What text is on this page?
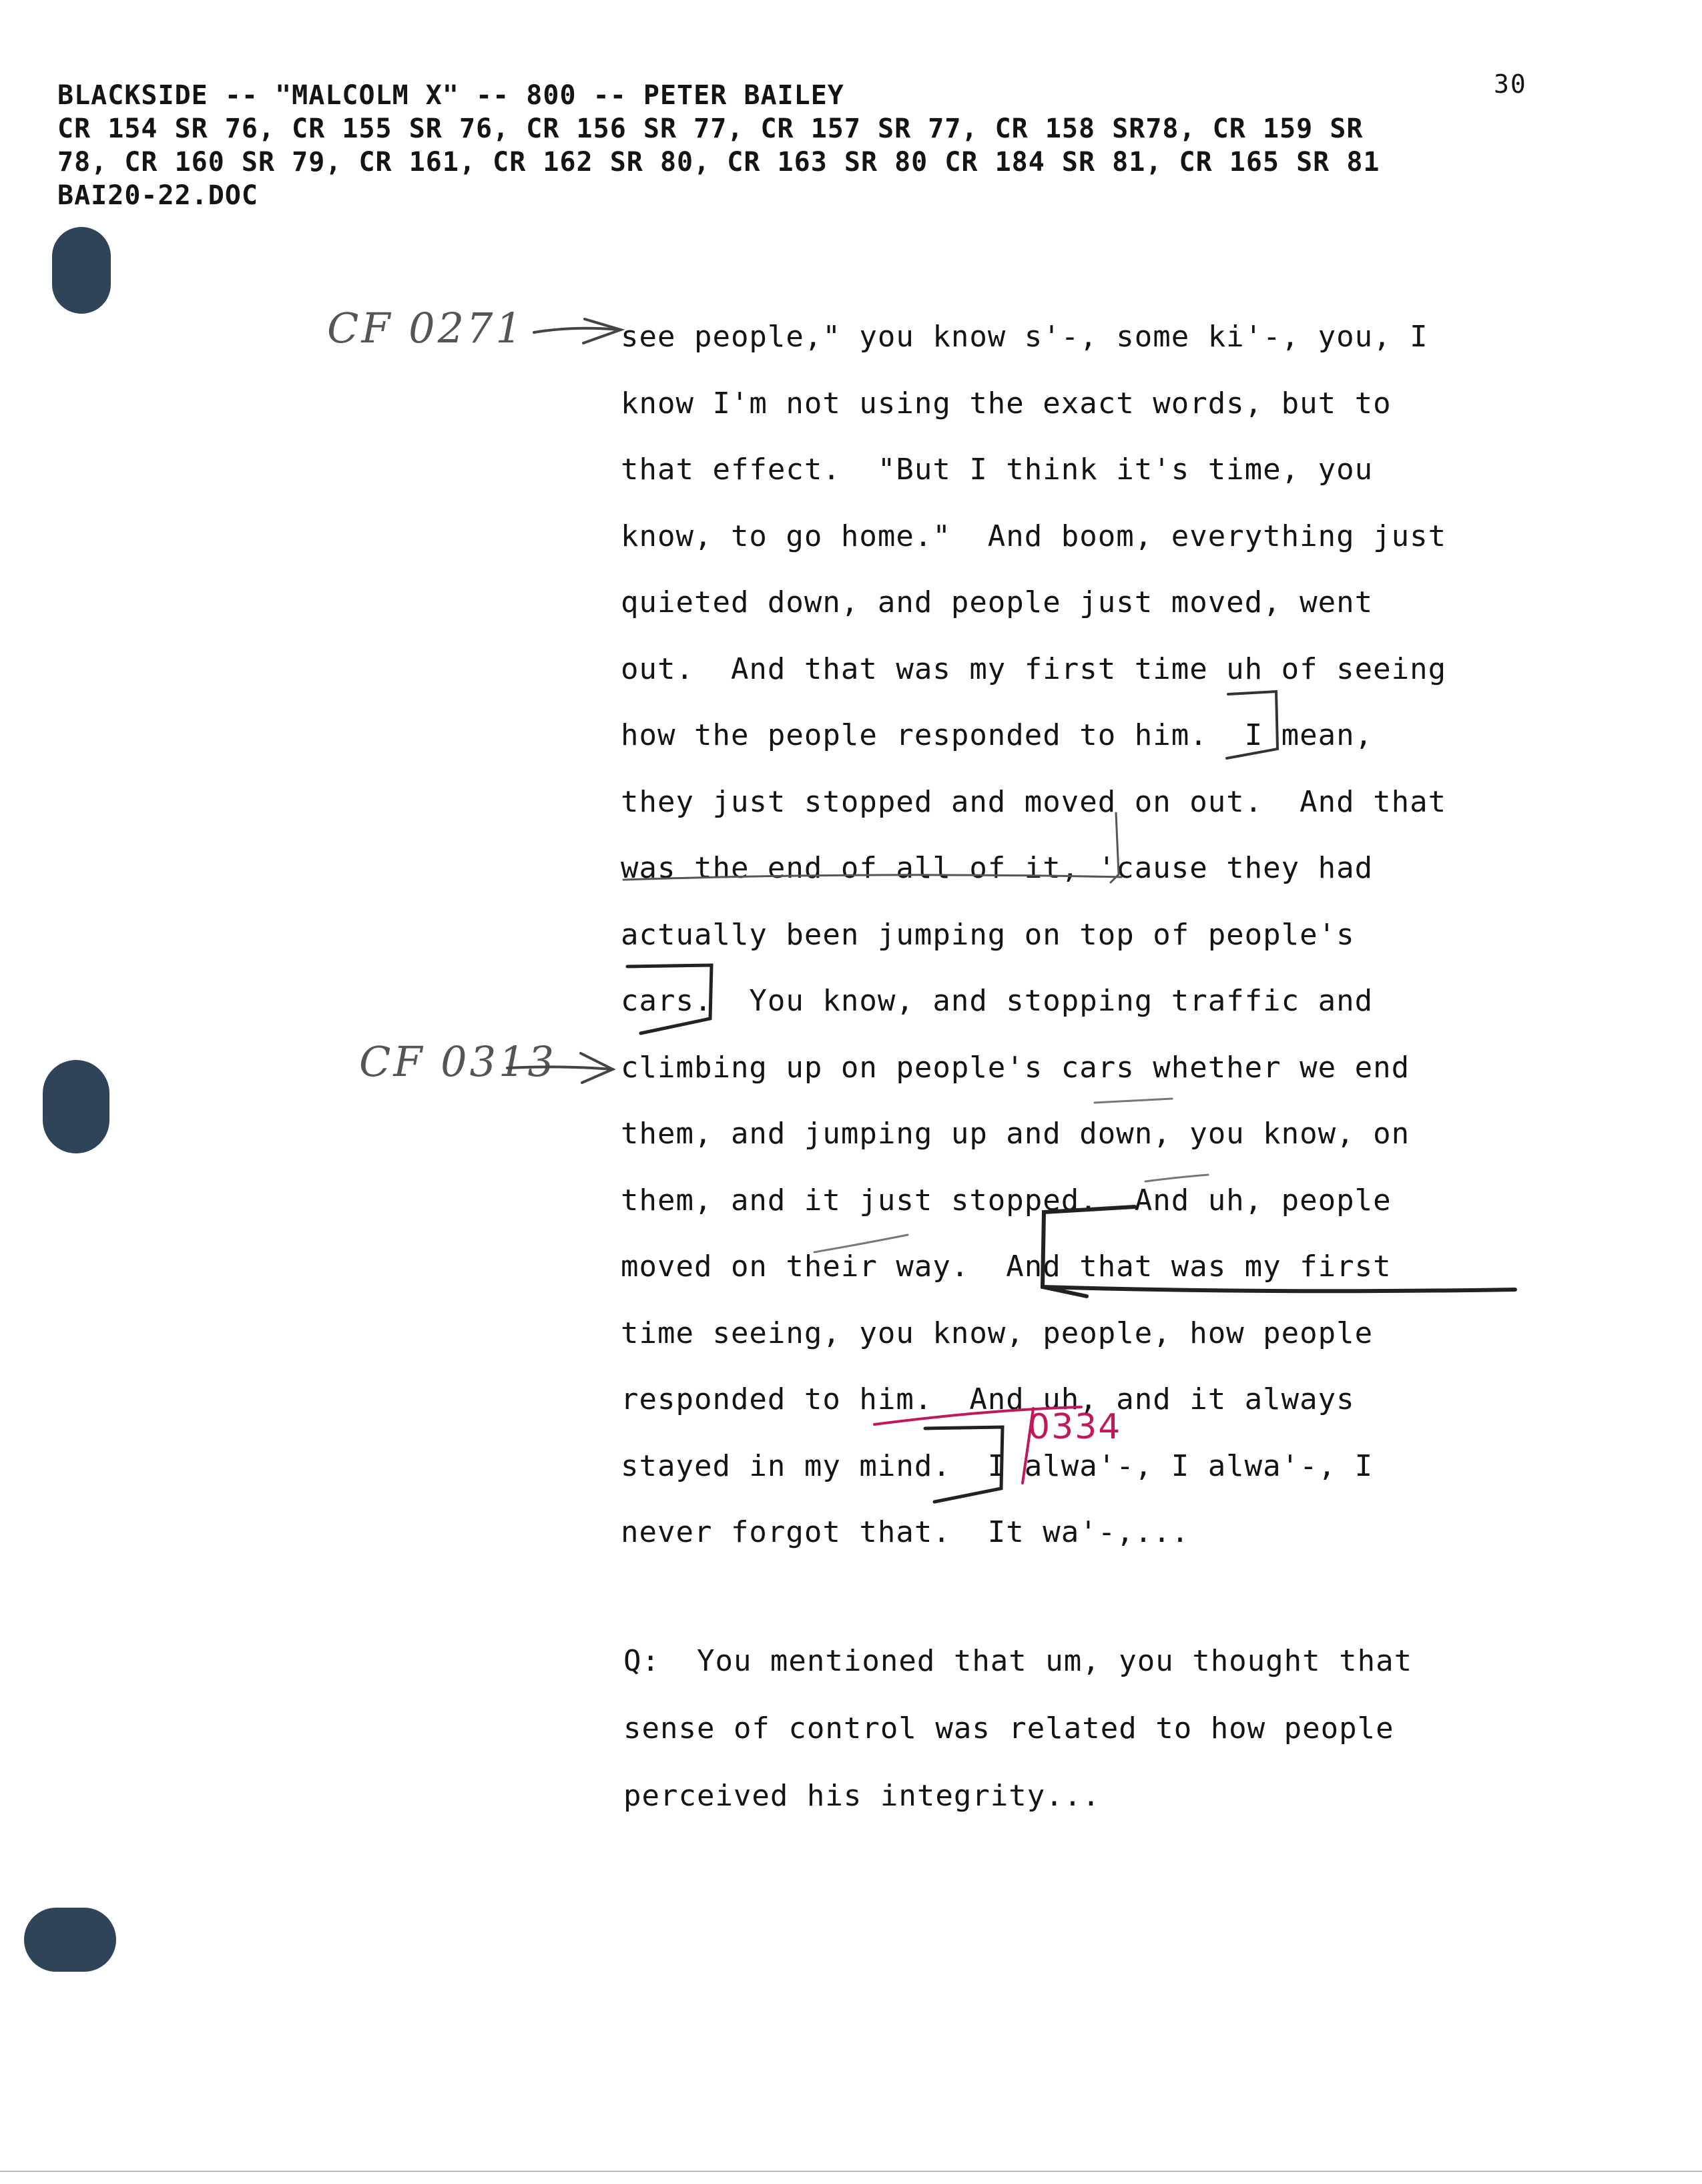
30
BLACKSIDE -- "MALCOLM X" -- 800 -- PETER BAILEY
CR 154 SR 76, CR 155 SR 76, CR 156 SR 77, CR 157 SR 77, CR 158 SR78, CR 159 SR
78, CR 160 SR 79, CR 161, CR 162 SR 80, CR 163 SR 80 CR 184 SR 81, CR 165 SR 81
BAI20-22.DOC
CF 0271
CF 0313
0334
see people," you know s'-, some ki'-, you, I
know I'm not using the exact words, but to
that effect.  "But I think it's time, you
know, to go home."  And boom, everything just
quieted down, and people just moved, went
out.  And that was my first time uh of seeing
how the people responded to him.  I mean,
they just stopped and moved on out.  And that
was the end of all of it, 'cause they had
actually been jumping on top of people's
cars.  You know, and stopping traffic and
climbing up on people's cars whether we end
them, and jumping up and down, you know, on
them, and it just stopped.  And uh, people
moved on their way.  And that was my first
time seeing, you know, people, how people
responded to him.  And uh, and it always
stayed in my mind.  I alwa'-, I alwa'-, I
never forgot that.  It wa'-,...
Q:  You mentioned that um, you thought that
sense of control was related to how people
perceived his integrity...
